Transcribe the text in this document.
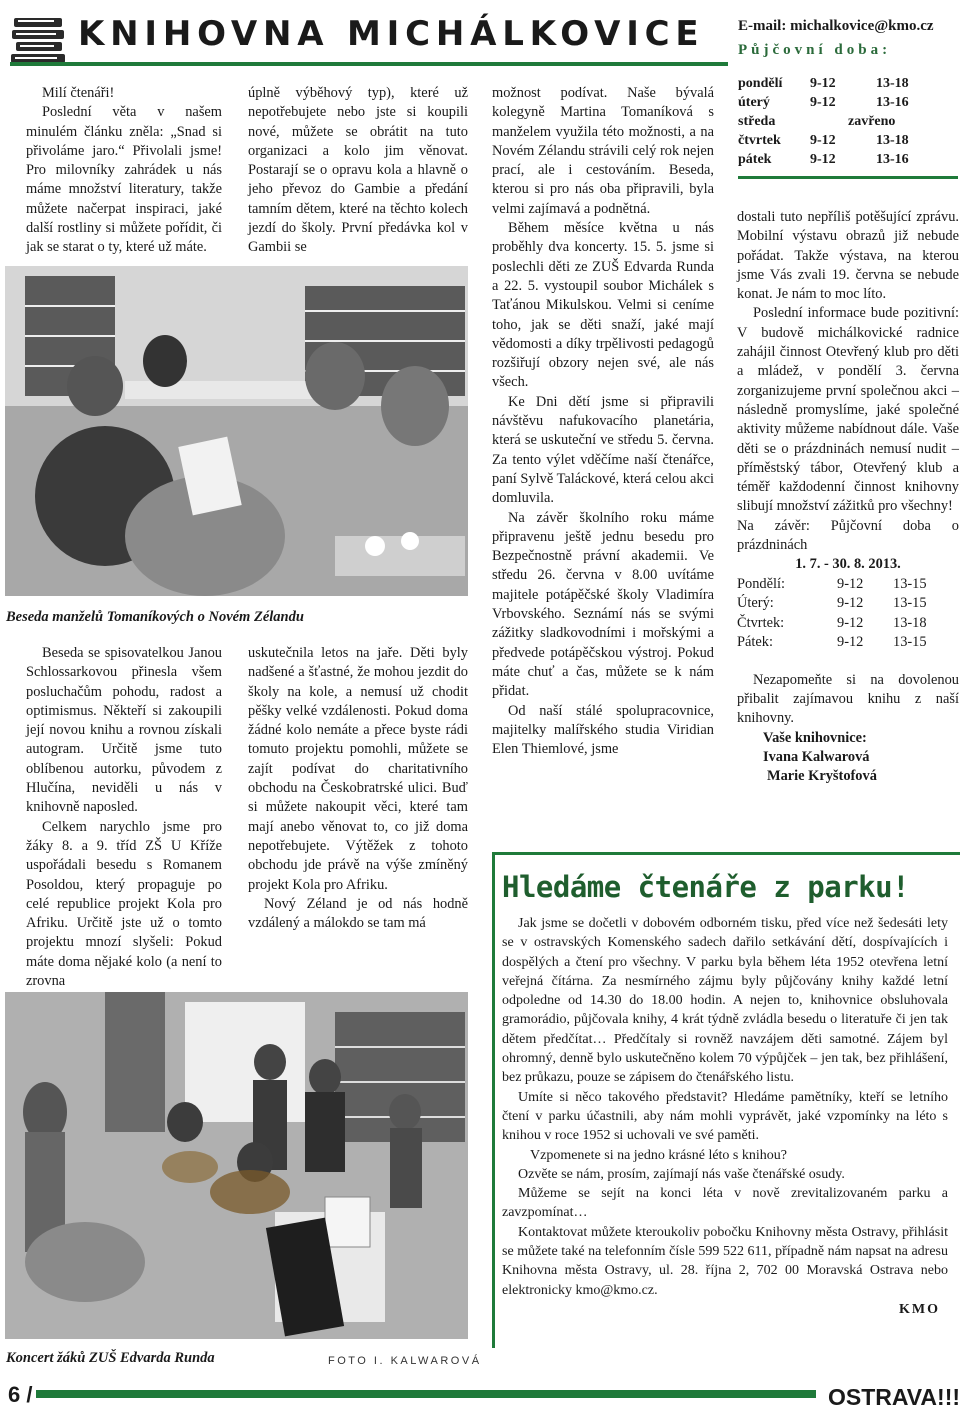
KNIHOVNA MICHÁLKOVICE	E-mail: michalkovice@kmo.cz
Půjčovní doba:
pondělí	9-12	13-18
úterý	9-12	13-16
středa	zavřeno	
čtvrtek	9-12	13-18
pátek	9-12	13-16

Milí čtenáři!

Poslední věta v našem minulém článku zněla: „Snad si přivoláme jaro.“ Přivolali jsme! Pro milovníky zahrádek u nás máme množství literatury, takže můžete načerpat inspiraci, jaké další rostliny si můžete pořídit, či jak se starat o ty, které už máte.

úplně výběhový typ), které už nepotřebujete nebo jste si koupili nové, můžete se obrátit na tuto organizaci a kolo jim věnovat. Postarají se o opravu kola a hlavně o jeho převoz do Gambie a předání tamním dětem, které na těchto kolech jezdí do školy. První předávka kol v Gambii se

Beseda manželů Tomaníkových o Novém Zélandu

Beseda se spisovatelkou Janou Schlossarkovou přinesla všem posluchačům pohodu, radost a optimismus. Někteří si zakoupili její novou knihu a rovnou získali autogram. Určitě jsme tuto oblíbenou autorku, původem z Hlučína, neviděli u nás v knihovně naposled.

Celkem narychlo jsme pro žáky 8. a 9. tříd ZŠ U Kříže uspořádali besedu s Romanem Posoldou, který propaguje po celé republice projekt Kola pro Afriku. Určitě jste už o tomto projektu mnozí slyšeli: Pokud máte doma nějaké kolo (a není to zrovna

uskutečnila letos na jaře. Děti byly nadšené a šťastné, že mohou jezdit do školy na kole, a nemusí už chodit pěšky velké vzdálenosti. Pokud doma žádné kolo nemáte a přece byste rádi tomuto projektu pomohli, můžete se zajít podívat do charitativního obchodu na Českobratrské ulici. Buď si můžete nakoupit věci, které tam mají anebo věnovat to, co již doma nepotřebujete. Výtěžek z tohoto obchodu jde právě na výše zmíněný projekt Kola pro Afriku.

Nový Zéland je od nás hodně vzdálený a málokdo se tam má

Koncert žáků ZUŠ Edvarda Runda	FOTO I. KALWAROVÁ

možnost podívat. Naše bývalá kolegyně Martina Tomaníková s manželem využila této možnosti, a na Novém Zélandu strávili celý rok nejen prací, ale i cestováním. Beseda, kterou si pro nás oba připravili, byla velmi zajímavá a podnětná.

Během měsíce května u nás proběhly dva koncerty. 15. 5. jsme si poslechli děti ze ZUŠ Edvarda Runda a 22. 5. vystoupil soubor Michálek s Taťánou Mikulskou. Velmi si ceníme toho, jak se děti snaží, jaké mají vědomosti a díky trpělivosti pedagogů rozšiřují obzory nejen své, ale nás všech.

Ke Dni dětí jsme si připravili návštěvu nafukovacího planetária, která se uskuteční ve středu 5. června. Za tento výlet vděčíme naší čtenářce, paní Sylvě Taláckové, která celou akci domluvila.

Na závěr školního roku máme připravenu ještě jednu besedu pro Bezpečnostně právní akademii. Ve středu 26. června v 8.00 uvítáme majitele potápěčské školy Vladimíra Vrbovského. Seznámí nás se svými zážitky sladkovodními i mořskými a předvede potápěčskou výstroj. Pokud máte chuť a čas, můžete se k nám přidat.

Od naší stálé spolupracovnice, majitelky malířského studia Viridian Elen Thiemlové, jsme

dostali tuto nepříliš potěšující zprávu. Mobilní výstavu obrazů již nebude pořádat. Takže výstava, na kterou jsme Vás zvali 19. června se nebude konat. Je nám to moc líto.

Poslední informace bude pozitivní: V budově michálkovické radnice zahájil činnost Otevřený klub pro děti a mládež, v pondělí 3. června zorganizujeme první společnou akci – následně promyslíme, jaké společné aktivity můžeme nabídnout dále. Vaše děti se o prázdninách nemusí nudit – příměstský tábor, Otevřený klub a téměř každodenní činnost knihovny slibují množství zážitků pro všechny!

Na závěr: Půjčovní doba o prázdninách

1. 7. - 30. 8. 2013.
Pondělí:	9-12	13-15
Úterý:	9-12	13-15
Čtvrtek:	9-12	13-18
Pátek:	9-12	13-15

Nezapomeňte si na dovolenou přibalit zajímavou knihu z naší knihovny.

Vaše knihovnice:
Ivana Kalwarová
Marie Kryštofová
Hledáme čtenáře z parku!

Jak jsme se dočetli v dobovém odborném tisku, před více než šedesáti lety se v ostravských Komenského sadech dařilo setkávání dětí, dospívajících i dospělých a čtení pro všechny. V parku byla během léta 1952 otevřena letní veřejná čítárna. Za nesmírného zájmu byly půjčovány knihy každé letní odpoledne od 14.30 do 18.00 hodin. A nejen to, knihovnice obsluhovala gramorádio, půjčovala knihy, 4 krát týdně zvládla besedu o literatuře či jen tak dětem předčítat… Předčítaly si rovněž navzájem děti samotné. Zájem byl ohromný, denně bylo uskutečněno kolem 70 výpůjček – jen tak, bez přihlášení, bez průkazu, pouze se zápisem do čtenářského listu.

Umíte si něco takového představit? Hledáme pamětníky, kteří se letního čtení v parku účastnili, aby nám mohli vyprávět, jaké vzpomínky na léto s knihou v roce 1952 si uchovali ve své paměti.

Vzpomenete si na jedno krásné léto s knihou?

Ozvěte se nám, prosím, zajímají nás vaše čtenářské osudy.

Můžeme se sejít na konci léta v nově zrevitalizovaném parku a zavzpomínat…

Kontaktovat můžete kteroukoliv pobočku Knihovny města Ostravy, přihlásit se můžete také na telefonním čísle 599 522 611, případně nám napsat na adresu Knihovna města Ostravy, ul. 28. října 2, 702 00 Moravská Ostrava nebo elektronicky kmo@kmo.cz.

KMO
6 /	OSTRAVA!!!
